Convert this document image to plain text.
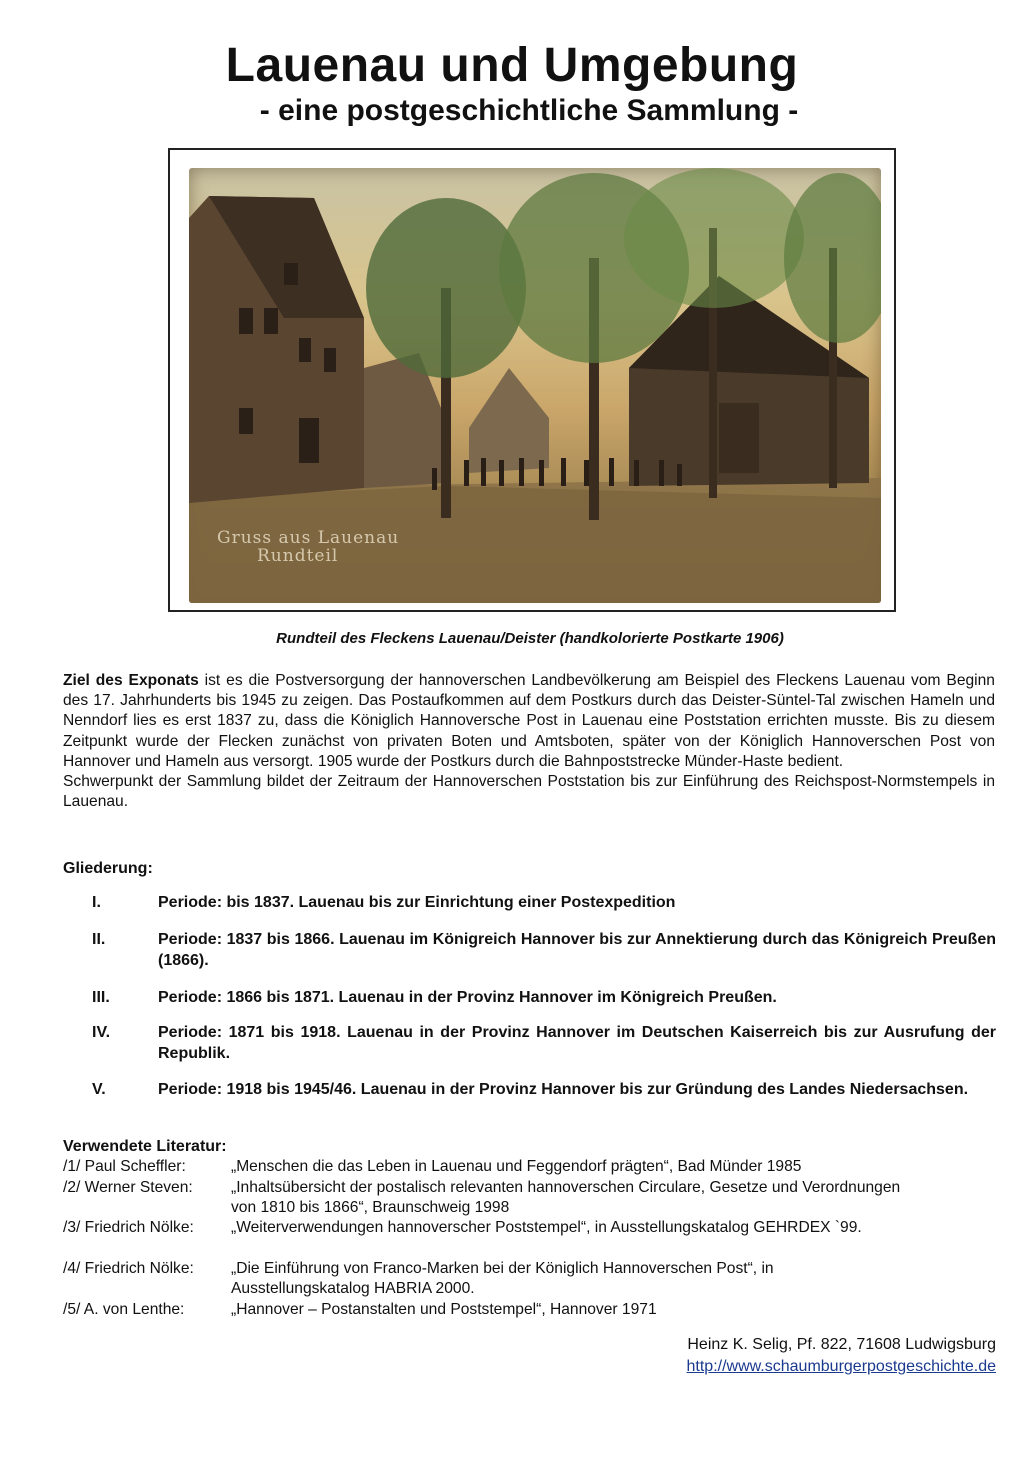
Lauenau und Umgebung
- eine postgeschichtliche Sammlung -
Gruss aus Lauenau
Rundteil
Rundteil des Fleckens Lauenau/Deister (handkolorierte Postkarte 1906)
Ziel des Exponats ist es die Postversorgung der hannoverschen Landbevölkerung am Beispiel des Fleckens Lauenau vom Beginn des 17. Jahrhunderts bis 1945 zu zeigen. Das Postaufkommen auf dem Postkurs durch das Deister-Süntel-Tal zwischen Hameln und Nenndorf lies es erst 1837 zu, dass die Königlich Hannoversche Post in Lauenau eine Poststation errichten musste. Bis zu diesem Zeitpunkt wurde der Flecken zunächst von privaten Boten und Amtsboten, später von der Königlich Hannoverschen Post von Hannover und Hameln aus versorgt. 1905 wurde der Postkurs durch die Bahnpoststrecke Münder-Haste bedient.
Schwerpunkt der Sammlung bildet der Zeitraum der Hannoverschen Poststation bis zur Einführung des Reichspost-Normstempels in Lauenau.
Gliederung:
I.	Periode: bis 1837. Lauenau bis zur Einrichtung einer Postexpedition
II.	Periode: 1837 bis 1866. Lauenau im Königreich Hannover bis zur Annektierung durch das Königreich Preußen (1866).
III.	Periode: 1866 bis 1871. Lauenau in der Provinz Hannover im Königreich Preußen.
IV.	Periode: 1871 bis 1918. Lauenau in der Provinz Hannover im Deutschen Kaiserreich bis zur Ausrufung der Republik.
V.	Periode: 1918 bis 1945/46. Lauenau in der Provinz Hannover bis zur Gründung des Landes Niedersachsen.
Verwendete Literatur:
/1/ Paul Scheffler:	„Menschen die das Leben in Lauenau und Feggendorf prägten“, Bad Münder 1985
/2/ Werner Steven:	„Inhaltsübersicht der postalisch relevanten hannoverschen Circulare, Gesetze und Verordnungen von 1810 bis 1866“, Braunschweig 1998
/3/ Friedrich Nölke:	„Weiterverwendungen hannoverscher Poststempel“, in Ausstellungskatalog GEHRDEX `99.
/4/ Friedrich Nölke:	„Die Einführung von Franco-Marken bei der Königlich Hannoverschen Post“, in Ausstellungskatalog HABRIA 2000.
/5/ A. von Lenthe:	„Hannover – Postanstalten und Poststempel“, Hannover 1971
Heinz K. Selig, Pf. 822, 71608 Ludwigsburg
http://www.schaumburgerpostgeschichte.de
